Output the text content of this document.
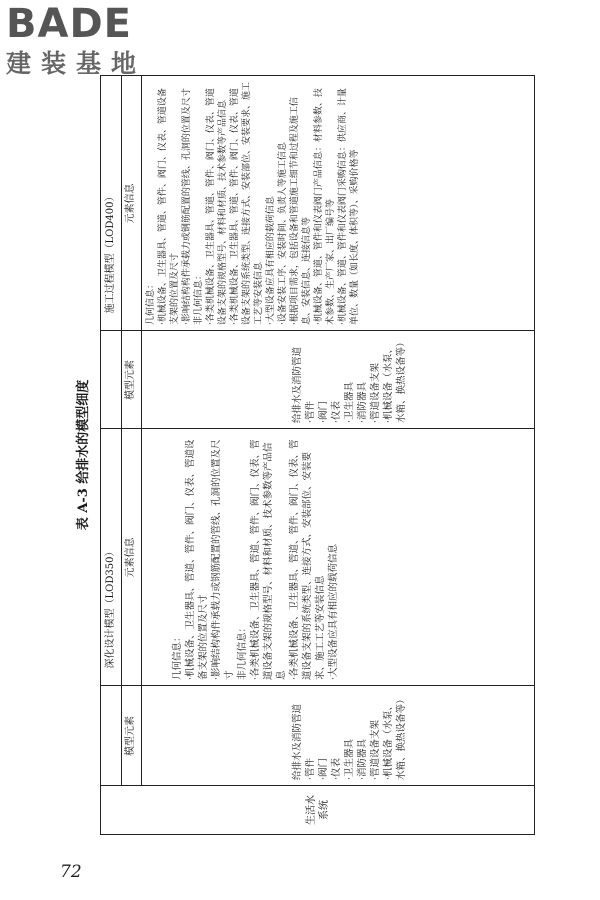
BADE
建装基地
表 A-3 给排水的模型细度
深化设计模型（LOD350）
施工过程模型（LOD400）
模型元素
元素信息
模型元素
元素信息
生活水
系统
给排水及消防管道
·管件
·阀门
·仪表
·卫生器具
·消防器具
·管道设备支架
·机械设备（水泵、水箱、换热设备等）
几何信息：
·机械设备、卫生器具、管道、管件、阀门、仪表、管道设备支架的位置及尺寸
·影响结构构件承载力或钢筋配置的管线、孔洞的位置及尺寸
非几何信息：
·各类机械设备、卫生器具、管道、管件、阀门、仪表、管道设备支架的规格型号、材料和材质、技术参数等产品信息
·各类机械设备、卫生器具、管道、管件、阀门、仪表、管道设备支架的系统类型、连接方式、安装部位、安装要求、施工工艺等安装信息
·大型设备应具有相应的载荷信息
给排水及消防管道
·管件
·阀门
·仪表
·卫生器具
·消防器具
·管道设备支架
·机械设备（水泵、水箱、换热设备等）
几何信息：
·机械设备、卫生器具、管道、管件、阀门、仪表、管道设备支架的位置及尺寸
·影响结构构件承载力或钢筋配置的管线、孔洞的位置及尺寸
非几何信息：
·各类机械设备、卫生器具、管道、管件、阀门、仪表、管道设备支架的规格型号、材料和材质、技术参数等产品信息
·各类机械设备、卫生器具、管道、管件、阀门、仪表、管道设备支架的系统类型、连接方式、安装部位、安装要求、施工工艺等安装信息
·大型设备应具有相应的载荷信息
·设备安装工序、安装时间、负责人等施工信息
·根据项目需求，包括设备和管道施工细节和过程及施工信息、安装信息、连接信息等
·机械设备、管道、管件和仪表阀门产品信息：材料参数、技术参数、生产厂家、出厂编号等
·机械设备、管道、管件和仪表阀门采购信息：供应商、计量单位、数量（如长度、体积等）、采购价格等
72
